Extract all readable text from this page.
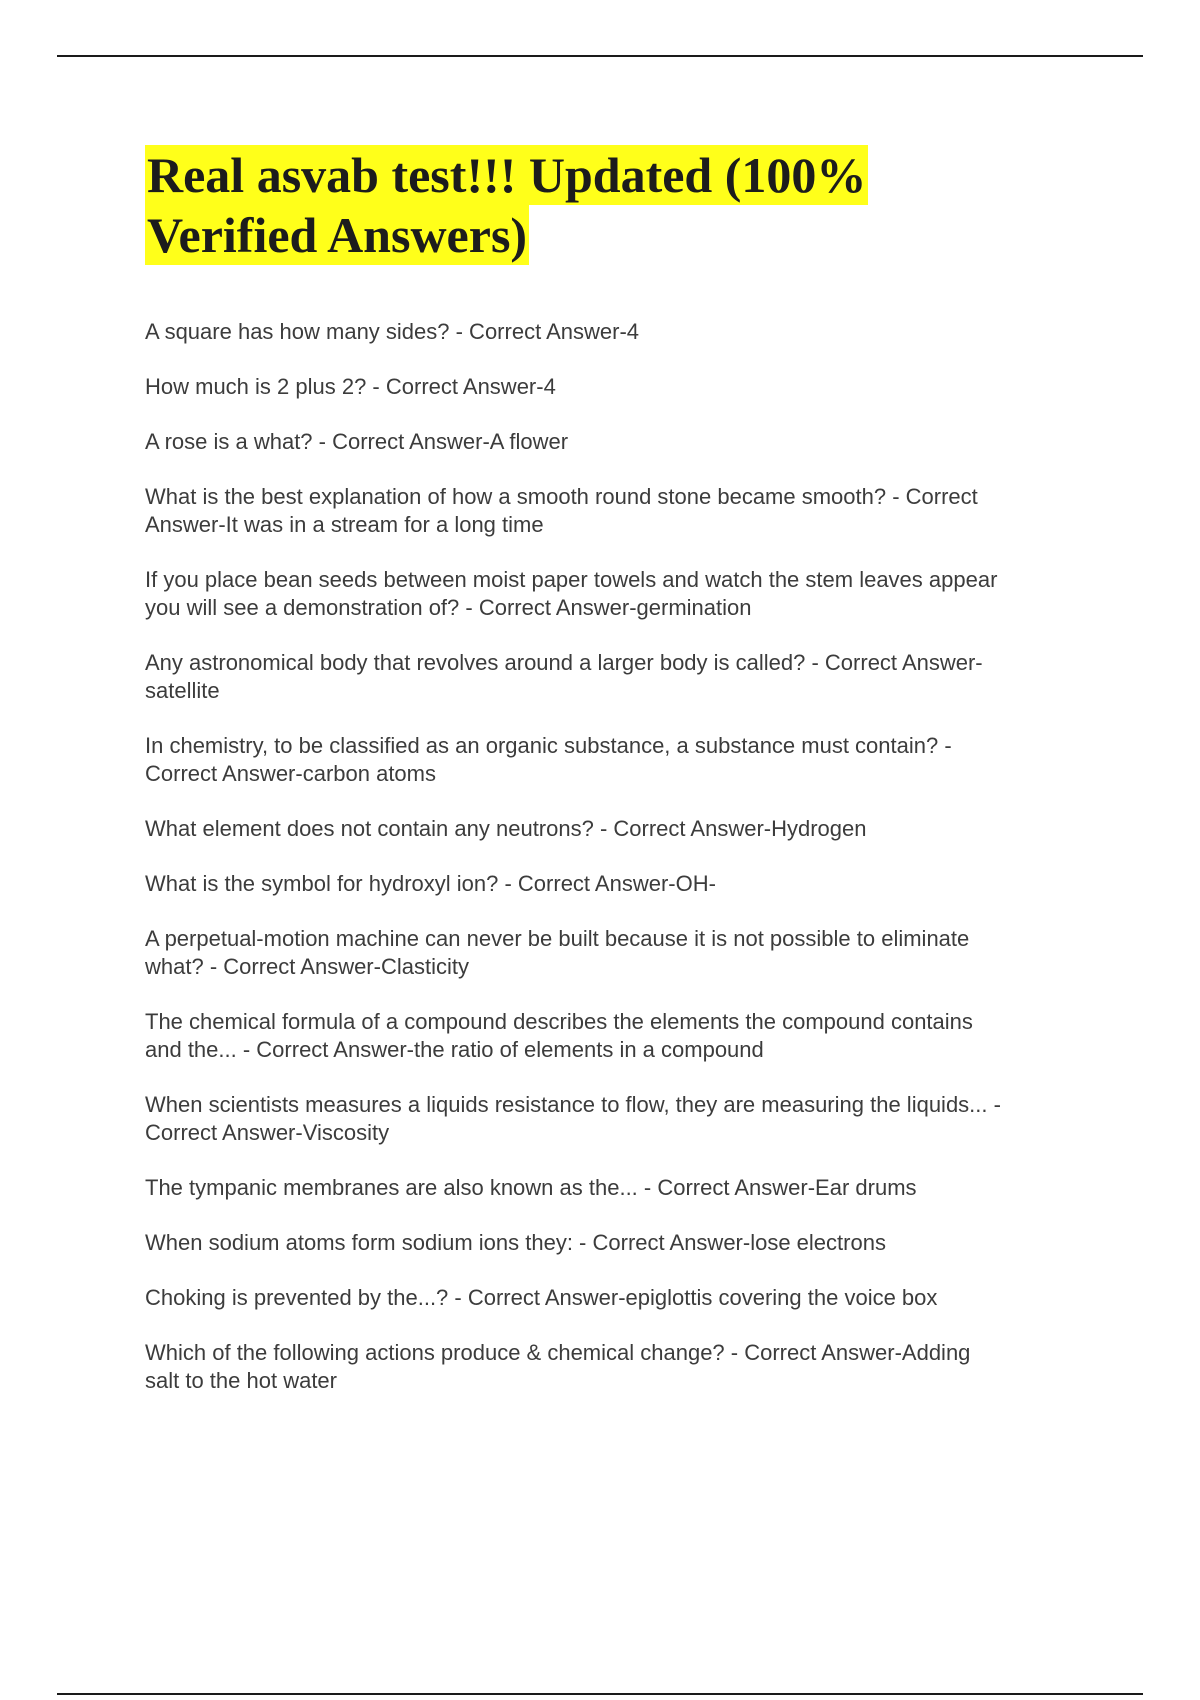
Real asvab test!!! Updated (100%
Verified Answers)
A square has how many sides? - Correct Answer-4
How much is 2 plus 2? - Correct Answer-4
A rose is a what? - Correct Answer-A flower
What is the best explanation of how a smooth round stone became smooth? - Correct
Answer-It was in a stream for a long time
If you place bean seeds between moist paper towels and watch the stem leaves appear
you will see a demonstration of? - Correct Answer-germination
Any astronomical body that revolves around a larger body is called? - Correct Answer-
satellite
In chemistry, to be classified as an organic substance, a substance must contain? -
Correct Answer-carbon atoms
What element does not contain any neutrons? - Correct Answer-Hydrogen
What is the symbol for hydroxyl ion? - Correct Answer-OH-
A perpetual-motion machine can never be built because it is not possible to eliminate
what? - Correct Answer-Clasticity
The chemical formula of a compound describes the elements the compound contains
and the... - Correct Answer-the ratio of elements in a compound
When scientists measures a liquids resistance to flow, they are measuring the liquids... -
Correct Answer-Viscosity
The tympanic membranes are also known as the... - Correct Answer-Ear drums
When sodium atoms form sodium ions they: - Correct Answer-lose electrons
Choking is prevented by the...? - Correct Answer-epiglottis covering the voice box
Which of the following actions produce & chemical change? - Correct Answer-Adding
salt to the hot water
